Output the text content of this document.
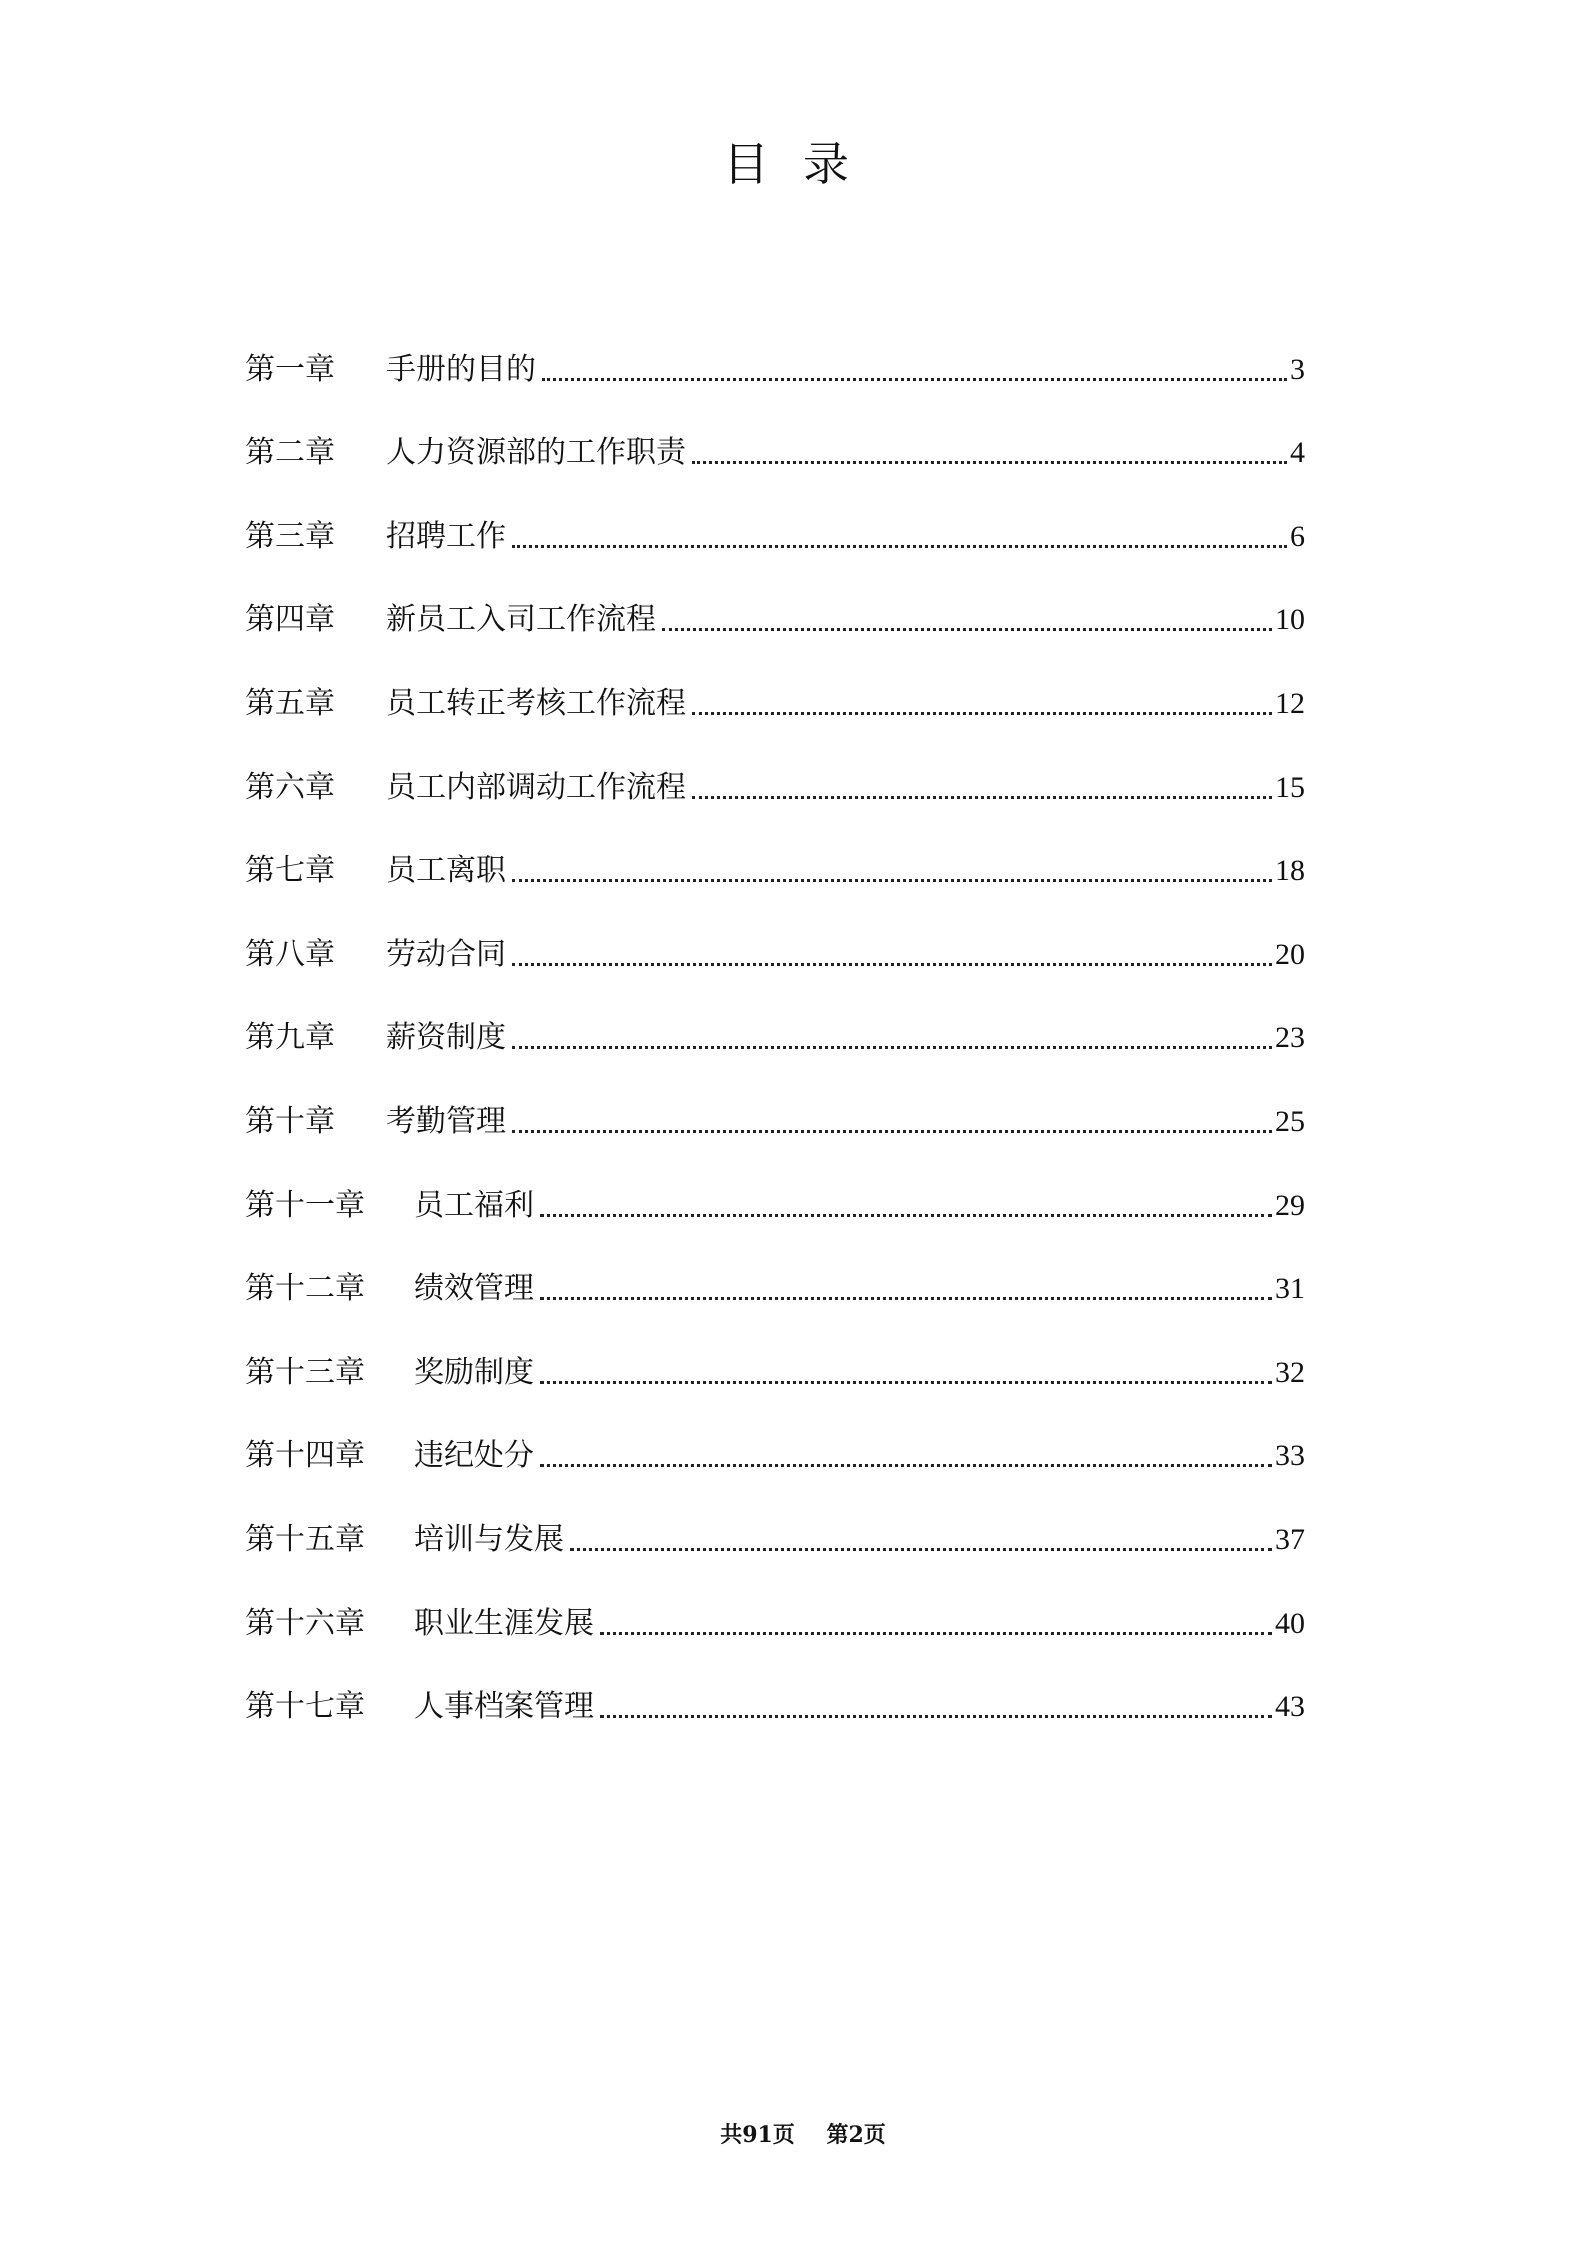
目录
第一章	手册的目的	3
第二章	人力资源部的工作职责	4
第三章	招聘工作	6
第四章	新员工入司工作流程	10
第五章	员工转正考核工作流程	12
第六章	员工内部调动工作流程	15
第七章	员工离职	18
第八章	劳动合同	20
第九章	薪资制度	23
第十章	考勤管理	25
第十一章	员工福利	29
第十二章	绩效管理	31
第十三章	奖励制度	32
第十四章	违纪处分	33
第十五章	培训与发展	37
第十六章	职业生涯发展	40
第十七章	人事档案管理	43
共91页 第2页
